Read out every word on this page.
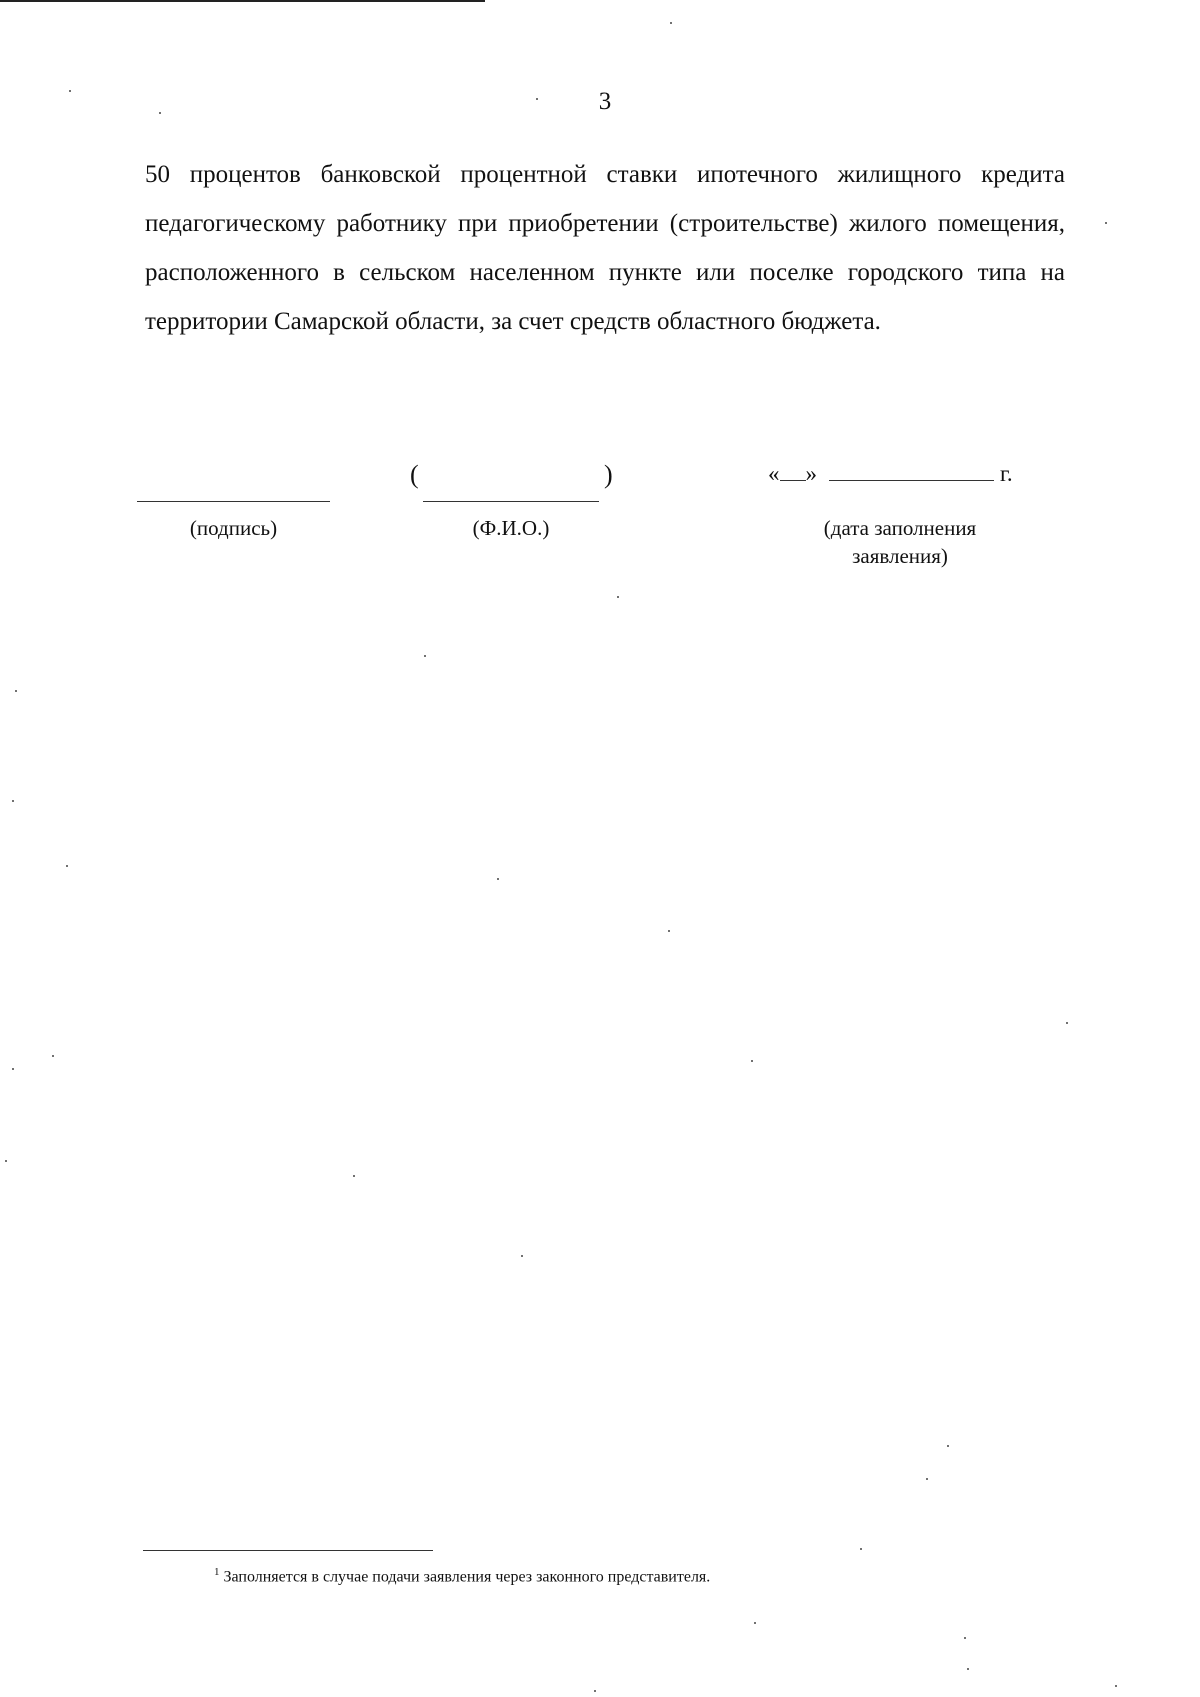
3

50 процентов банковской процентной ставки ипотечного жилищного кредита педагогическому работнику при приобретении (строительстве) жилого помещения, расположенного в сельском населенном пункте или поселке городского типа на территории Самарской области, за счет средств областного бюджета.

(подпись)
(	)
(Ф.И.О.)
« »	г.
(дата заполнения
заявления)
$^1$ Заполняется в случае подачи заявления через законного представителя.
